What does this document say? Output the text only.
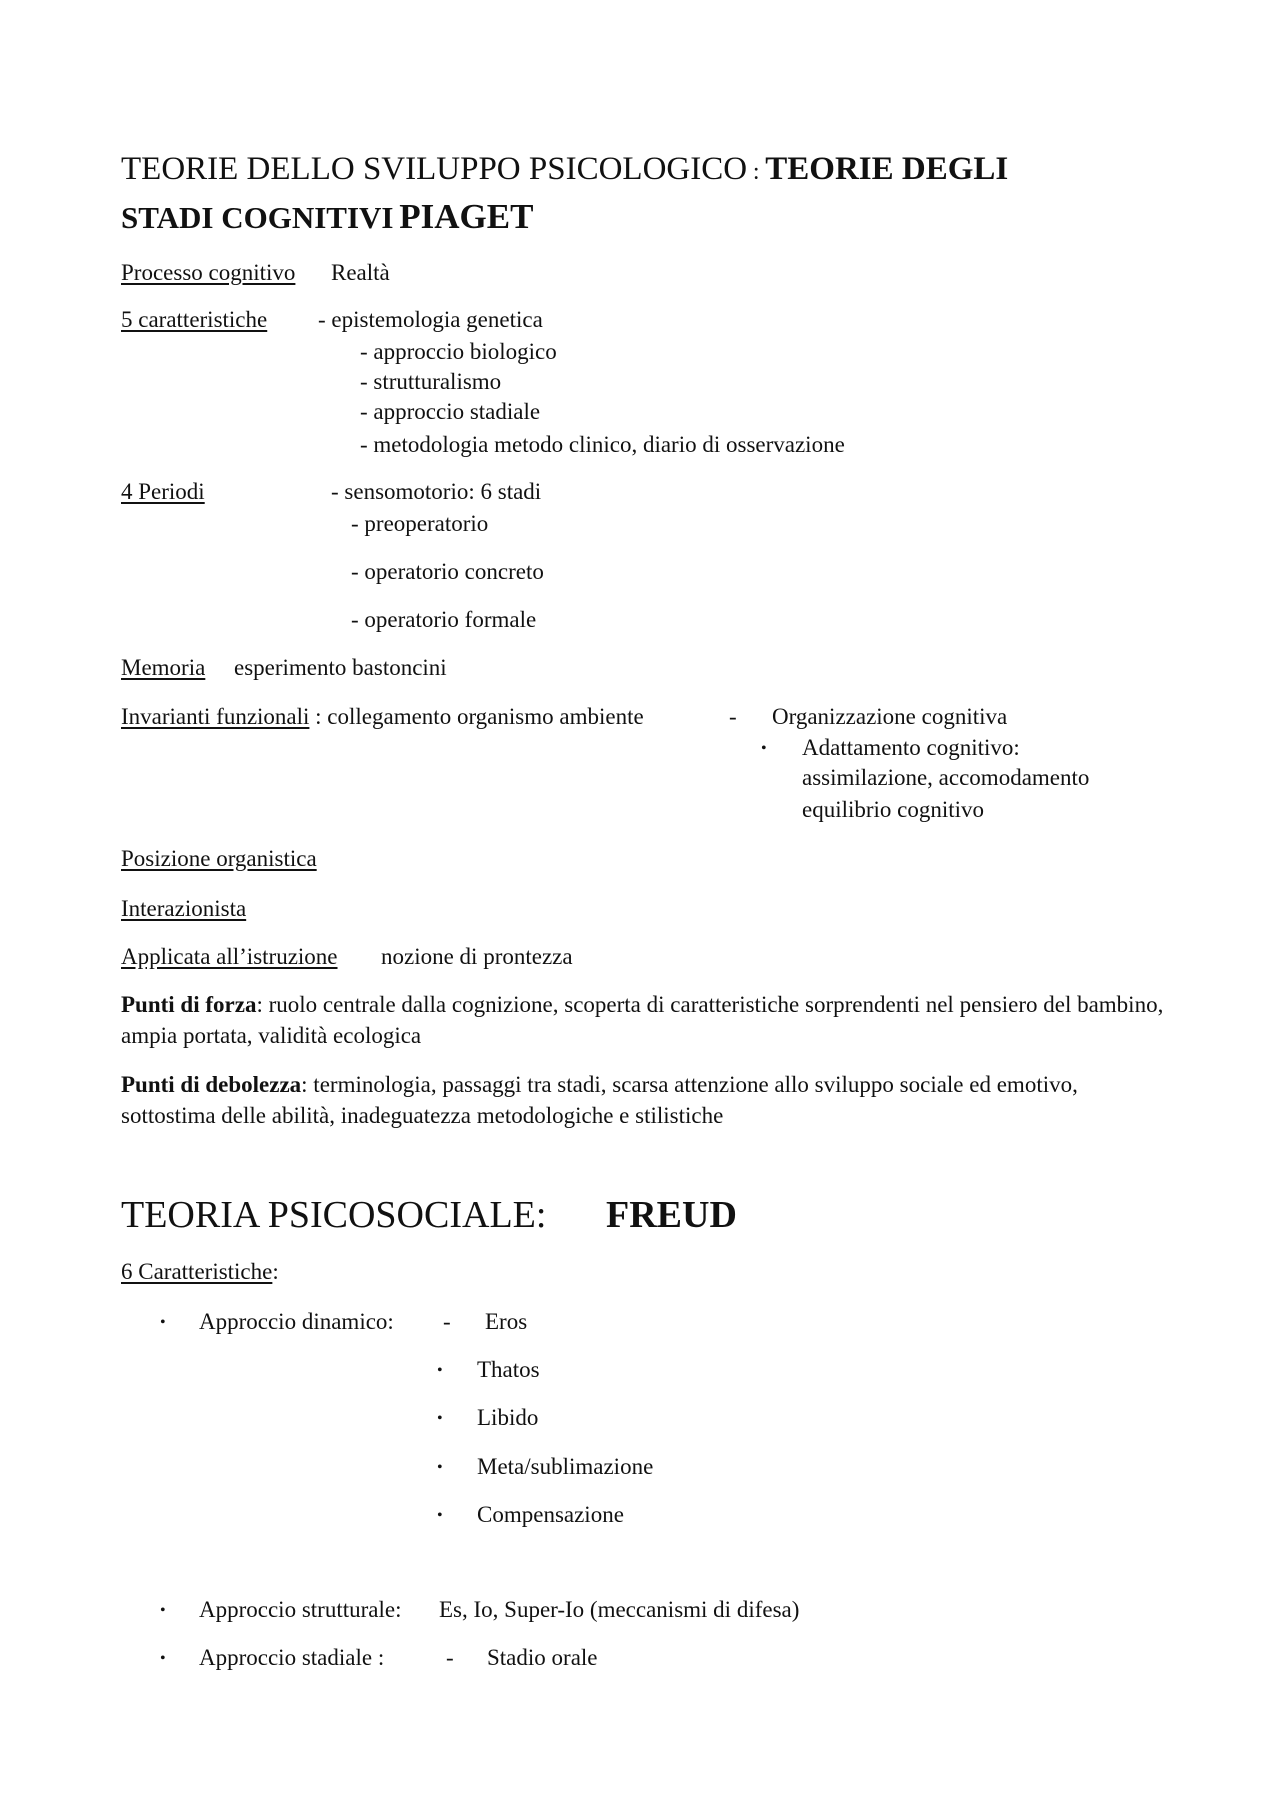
TEORIE DELLO SVILUPPO PSICOLOGICO : TEORIE DEGLI
STADI COGNITIVI PIAGET
Processo cognitivo Realtà
5 caratteristiche - epistemologia genetica
- approccio biologico
- strutturalismo
- approccio stadiale
- metodologia metodo clinico, diario di osservazione
4 Periodi	- sensomotorio: 6 stadi
- preoperatorio
- operatorio concreto
- operatorio formale
Memoria esperimento bastoncini
Invarianti funzionali : collegamento organismo ambiente	- Organizzazione cognitiva
• Adattamento cognitivo:
assimilazione, accomodamento
equilibrio cognitivo
Posizione organistica
Interazionista
Applicata all’istruzione nozione di prontezza
Punti di forza: ruolo centrale dalla cognizione, scoperta di caratteristiche sorprendenti nel pensiero del bambino, ampia portata, validità ecologica
Punti di debolezza: terminologia, passaggi tra stadi, scarsa attenzione allo sviluppo sociale ed emotivo, sottostima delle abilità, inadeguatezza metodologiche e stilistiche
TEORIA PSICOSOCIALE: FREUD
6 Caratteristiche:
• Approccio dinamico: - Eros
• Thatos
• Libido
• Meta/sublimazione
• Compensazione
• Approccio strutturale: Es, Io, Super-Io (meccanismi di difesa)
• Approccio stadiale :	- Stadio orale
